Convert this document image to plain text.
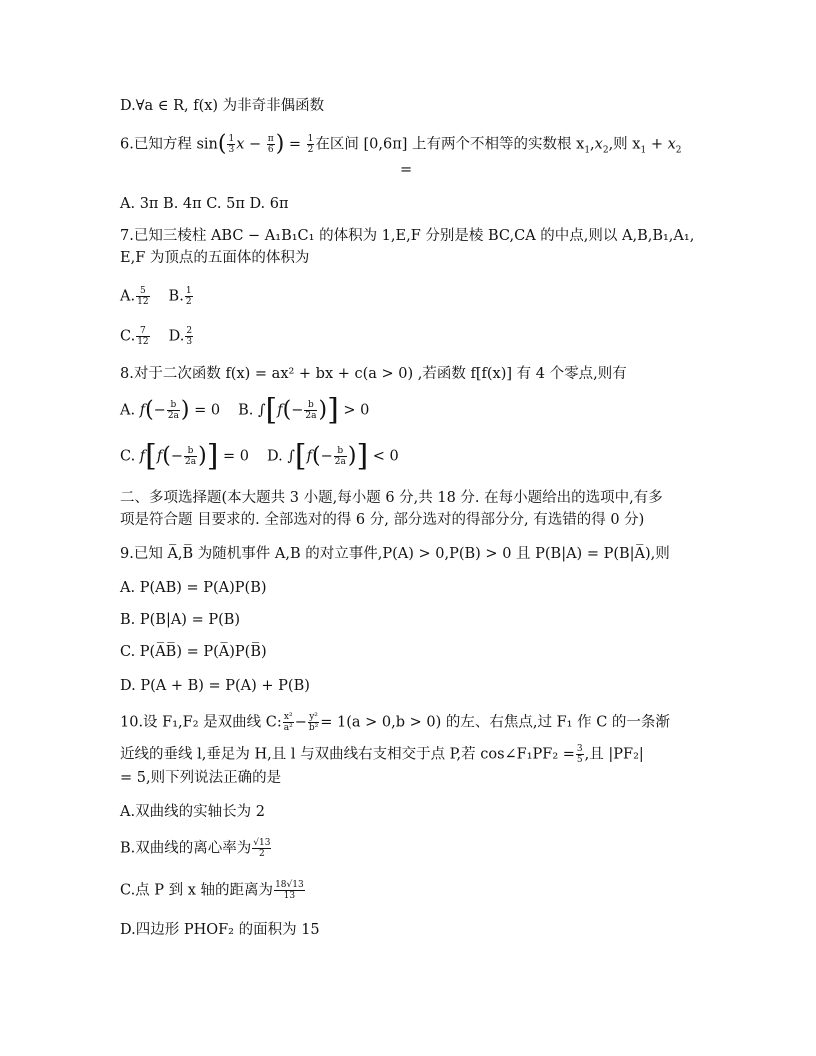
D.∀a ∈ R, f(x) 为非奇非偶函数
6.已知方程 $\sin( \frac{1}{3}$ $x - \frac{\pi}{6}$ ) = $\frac{1}{2}$ 在区间 [0,6π] 上有两个不相等的实数根 $x_1,x_2$,则 $x_1 + x_2$
=
A. 3π B. 4π C. 5π D. 6π
7.已知三棱柱 ABC − A₁B₁C₁ 的体积为 1,E,F 分别是棱 BC,CA 的中点,则以 A,B,B₁,A₁,
E,F 为顶点的五面体的体积为
A. $\frac{5}{12} B$. $\frac{1}{2}$
C. $\frac{7}{12} D$. $\frac{2}{3}$
8.对于二次函数 f(x) = ax² + bx + c(a > 0) ,若函数 f[f(x)] 有 4 个零点,则有
A. $f(- \frac{b}{2a}$ ) = 0 B. $\int[f(- \frac{b}{2a}$ )] > 0
C. $f[f(- \frac{b}{2a}$ )] = 0 D. $\int[f(- \frac{b}{2a}$ )] < 0
二、多项选择题(本大题共 3 小题,每小题 6 分,共 18 分. 在每小题给出的选项中,有多
项是符合题 目要求的. 全部选对的得 6 分, 部分选对的得部分分, 有选错的得 0 分)
9.已知 A̅,B̅ 为随机事件 A,B 的对立事件,P(A) > 0,P(B) > 0 且 P(B|A) = P(B|A̅),则
A. P(AB) = P(A)P(B)
B. P(B|A) = P(B)
C. P(A̅B̅) = P(A̅)P(B̅)
D. P(A + B) = P(A) + P(B)
10.设 F₁,F₂ 是双曲线 C: $\frac{\text{x²}}{\text{a²}} - \frac{\text{y²}}{\text{b²}} = 1(a > 0,b > 0)$ 的左、右焦点,过 F₁ 作 C 的一条渐
近线的垂线 l,垂足为 H,且 l 与双曲线右支相交于点 P,若 cos∠F₁PF₂ = $\frac{3}{5}$ ,且 |PF₂|
= 5,则下列说法正确的是
A.双曲线的实轴长为 2
B.双曲线的离心率为 $\frac{√13}{2}$
C.点 P 到 x 轴的距离为 $\frac{18√13}{13}$
D.四边形 PHOF₂ 的面积为 15
